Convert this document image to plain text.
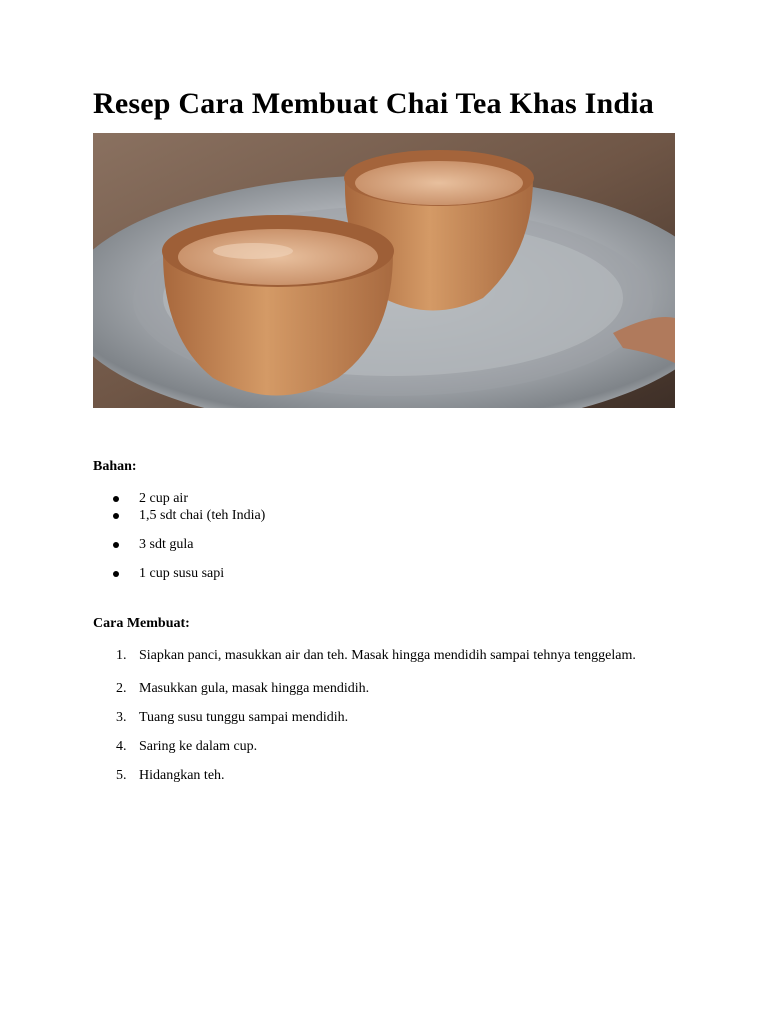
Resep Cara Membuat Chai Tea Khas India
Bahan:
2 cup air
1,5 sdt chai (teh India)
3 sdt gula
1 cup susu sapi
Cara Membuat:
1. Siapkan panci, masukkan air dan teh. Masak hingga mendidih sampai tehnya tenggelam.
2. Masukkan gula, masak hingga mendidih.
3. Tuang susu tunggu sampai mendidih.
4. Saring ke dalam cup.
5. Hidangkan teh.
